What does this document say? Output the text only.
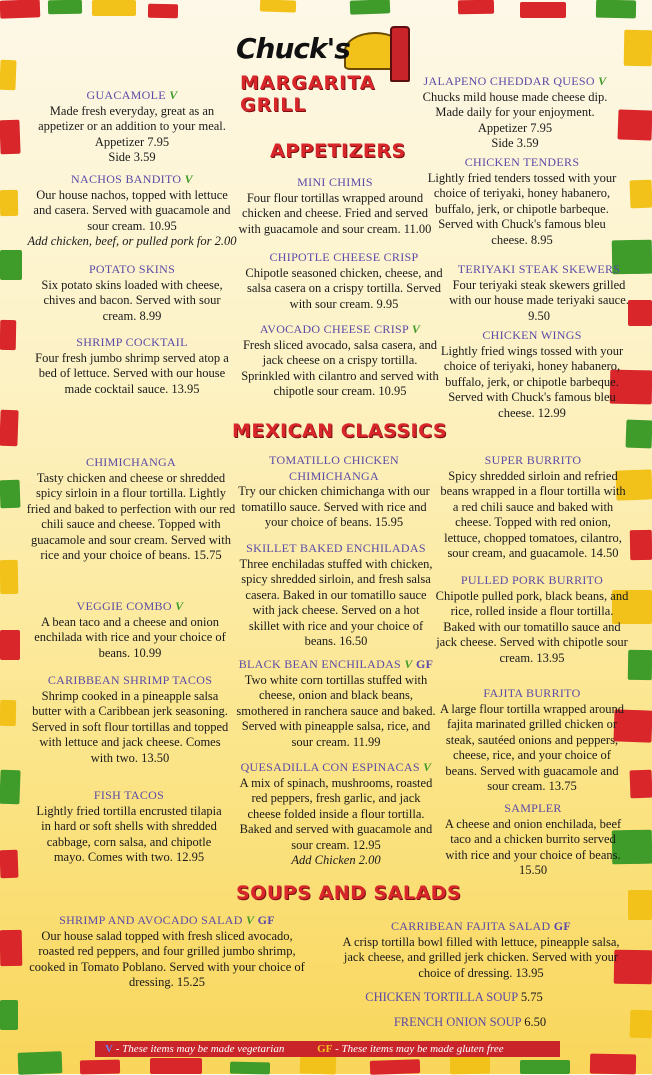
Chuck's
MARGARITA GRILL
APPETIZERS
MEXICAN CLASSICS
SOUPS AND SALADS
GUACAMOLE V
Made fresh everyday, great as an appetizer or an addition to your meal.
Appetizer 7.95
Side 3.59
NACHOS BANDITO V
Our house nachos, topped with lettuce and casera. Served with guacamole and sour cream. 10.95
Add chicken, beef, or pulled pork for 2.00
POTATO SKINS
Six potato skins loaded with cheese, chives and bacon. Served with sour cream. 8.99
SHRIMP COCKTAIL
Four fresh jumbo shrimp served atop a bed of lettuce. Served with our house made cocktail sauce. 13.95
MINI CHIMIS
Four flour tortillas wrapped around chicken and cheese. Fried and served with guacamole and sour cream. 11.00
CHIPOTLE CHEESE CRISP
Chipotle seasoned chicken, cheese, and salsa casera on a crispy tortilla. Served with sour cream. 9.95
AVOCADO CHEESE CRISP V
Fresh sliced avocado, salsa casera, and jack cheese on a crispy tortilla. Sprinkled with cilantro and served with chipotle sour cream. 10.95
JALAPENO CHEDDAR QUESO V
Chucks mild house made cheese dip. Made daily for your enjoyment.
Appetizer 7.95
Side 3.59
CHICKEN TENDERS
Lightly fried tenders tossed with your choice of teriyaki, honey habanero, buffalo, jerk, or chipotle barbeque. Served with Chuck's famous bleu cheese. 8.95
TERIYAKI STEAK SKEWERS
Four teriyaki steak skewers grilled with our house made teriyaki sauce. 9.50
CHICKEN WINGS
Lightly fried wings tossed with your choice of teriyaki, honey habanero, buffalo, jerk, or chipotle barbeque. Served with Chuck's famous bleu cheese. 12.99
CHIMICHANGA
Tasty chicken and cheese or shredded spicy sirloin in a flour tortilla. Lightly fried and baked to perfection with our red chili sauce and cheese. Topped with guacamole and sour cream. Served with rice and your choice of beans. 15.75
VEGGIE COMBO V
A bean taco and a cheese and onion enchilada with rice and your choice of beans. 10.99
CARIBBEAN SHRIMP TACOS
Shrimp cooked in a pineapple salsa butter with a Caribbean jerk seasoning. Served in soft flour tortillas and topped with lettuce and jack cheese. Comes with two. 13.50
FISH TACOS
Lightly fried tortilla encrusted tilapia in hard or soft shells with shredded cabbage, corn salsa, and chipotle mayo. Comes with two. 12.95
TOMATILLO CHICKEN CHIMICHANGA
Try our chicken chimichanga with our tomatillo sauce. Served with rice and your choice of beans. 15.95
SKILLET BAKED ENCHILADAS
Three enchiladas stuffed with chicken, spicy shredded sirloin, and fresh salsa casera. Baked in our tomatillo sauce with jack cheese. Served on a hot skillet with rice and your choice of beans. 16.50
BLACK BEAN ENCHILADAS V GF
Two white corn tortillas stuffed with cheese, onion and black beans, smothered in ranchera sauce and baked. Served with pineapple salsa, rice, and sour cream. 11.99
QUESADILLA CON ESPINACAS V
A mix of spinach, mushrooms, roasted red peppers, fresh garlic, and jack cheese folded inside a flour tortilla. Baked and served with guacamole and sour cream. 12.95
Add Chicken 2.00
SUPER BURRITO
Spicy shredded sirloin and refried beans wrapped in a flour tortilla with a red chili sauce and baked with cheese. Topped with red onion, lettuce, chopped tomatoes, cilantro, sour cream, and guacamole. 14.50
PULLED PORK BURRITO
Chipotle pulled pork, black beans, and rice, rolled inside a flour tortilla. Baked with our tomatillo sauce and jack cheese. Served with chipotle sour cream. 13.95
FAJITA BURRITO
A large flour tortilla wrapped around fajita marinated grilled chicken or steak, sautéed onions and peppers, cheese, rice, and your choice of beans. Served with guacamole and sour cream. 13.75
SAMPLER
A cheese and onion enchilada, beef taco and a chicken burrito served with rice and your choice of beans. 15.50
SHRIMP AND AVOCADO SALAD V GF
Our house salad topped with fresh sliced avocado, roasted red peppers, and four grilled jumbo shrimp, cooked in Tomato Poblano. Served with your choice of dressing. 15.25
CARRIBEAN FAJITA SALAD GF
A crisp tortilla bowl filled with lettuce, pineapple salsa, jack cheese, and grilled jerk chicken. Served with your choice of dressing. 13.95
CHICKEN TORTILLA SOUP 5.75
FRENCH ONION SOUP 6.50
V - These items may be made vegetarian	GF - These items may be made gluten free
